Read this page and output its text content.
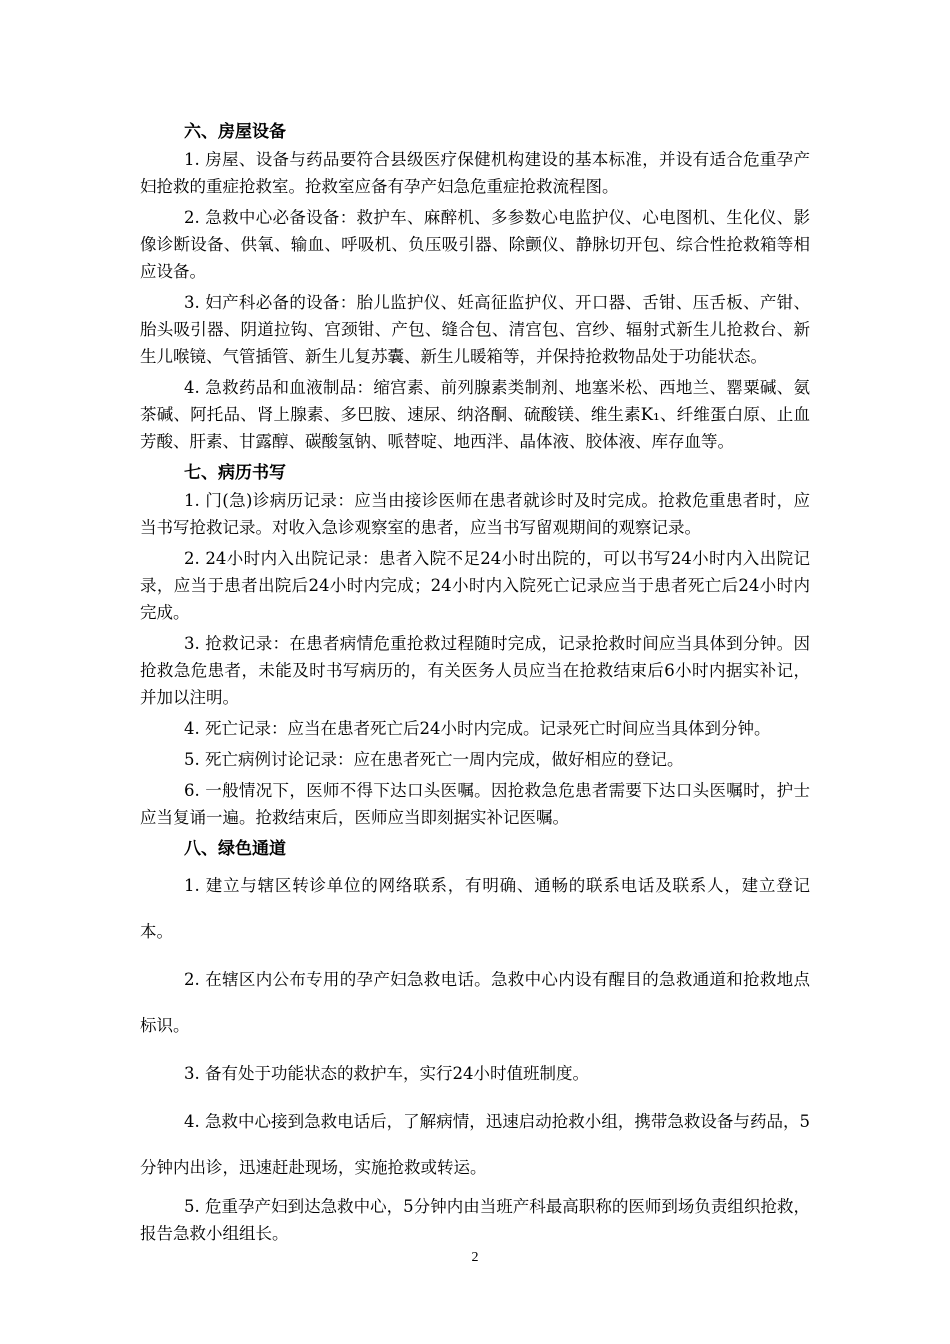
六、房屋设备

1. 房屋、设备与药品要符合县级医疗保健机构建设的基本标准，并设有适合危重孕产妇抢救的重症抢救室。抢救室应备有孕产妇急危重症抢救流程图。

2. 急救中心必备设备：救护车、麻醉机、多参数心电监护仪、心电图机、生化仪、影像诊断设备、供氧、输血、呼吸机、负压吸引器、除颤仪、静脉切开包、综合性抢救箱等相应设备。

3. 妇产科必备的设备：胎儿监护仪、妊高征监护仪、开口器、舌钳、压舌板、产钳、胎头吸引器、阴道拉钩、宫颈钳、产包、缝合包、清宫包、宫纱、辐射式新生儿抢救台、新生儿喉镜、气管插管、新生儿复苏囊、新生儿暖箱等，并保持抢救物品处于功能状态。

4. 急救药品和血液制品：缩宫素、前列腺素类制剂、地塞米松、西地兰、罂粟碱、氨茶碱、阿托品、肾上腺素、多巴胺、速尿、纳洛酮、硫酸镁、维生素K₁、纤维蛋白原、止血芳酸、肝素、甘露醇、碳酸氢钠、哌替啶、地西泮、晶体液、胶体液、库存血等。

七、病历书写

1. 门(急)诊病历记录：应当由接诊医师在患者就诊时及时完成。抢救危重患者时，应当书写抢救记录。对收入急诊观察室的患者，应当书写留观期间的观察记录。

2. 24小时内入出院记录：患者入院不足24小时出院的，可以书写24小时内入出院记录，应当于患者出院后24小时内完成；24小时内入院死亡记录应当于患者死亡后24小时内完成。

3. 抢救记录：在患者病情危重抢救过程随时完成，记录抢救时间应当具体到分钟。因抢救急危患者，未能及时书写病历的，有关医务人员应当在抢救结束后6小时内据实补记，并加以注明。

4. 死亡记录：应当在患者死亡后24小时内完成。记录死亡时间应当具体到分钟。

5. 死亡病例讨论记录：应在患者死亡一周内完成，做好相应的登记。

6. 一般情况下，医师不得下达口头医嘱。因抢救急危患者需要下达口头医嘱时，护士应当复诵一遍。抢救结束后，医师应当即刻据实补记医嘱。

八、绿色通道

1. 建立与辖区转诊单位的网络联系，有明确、通畅的联系电话及联系人，建立登记本。

2. 在辖区内公布专用的孕产妇急救电话。急救中心内设有醒目的急救通道和抢救地点标识。

3. 备有处于功能状态的救护车，实行24小时值班制度。

4. 急救中心接到急救电话后，了解病情，迅速启动抢救小组，携带急救设备与药品，5分钟内出诊，迅速赶赴现场，实施抢救或转运。

5. 危重孕产妇到达急救中心，5分钟内由当班产科最高职称的医师到场负责组织抢救，报告急救小组组长。

2
